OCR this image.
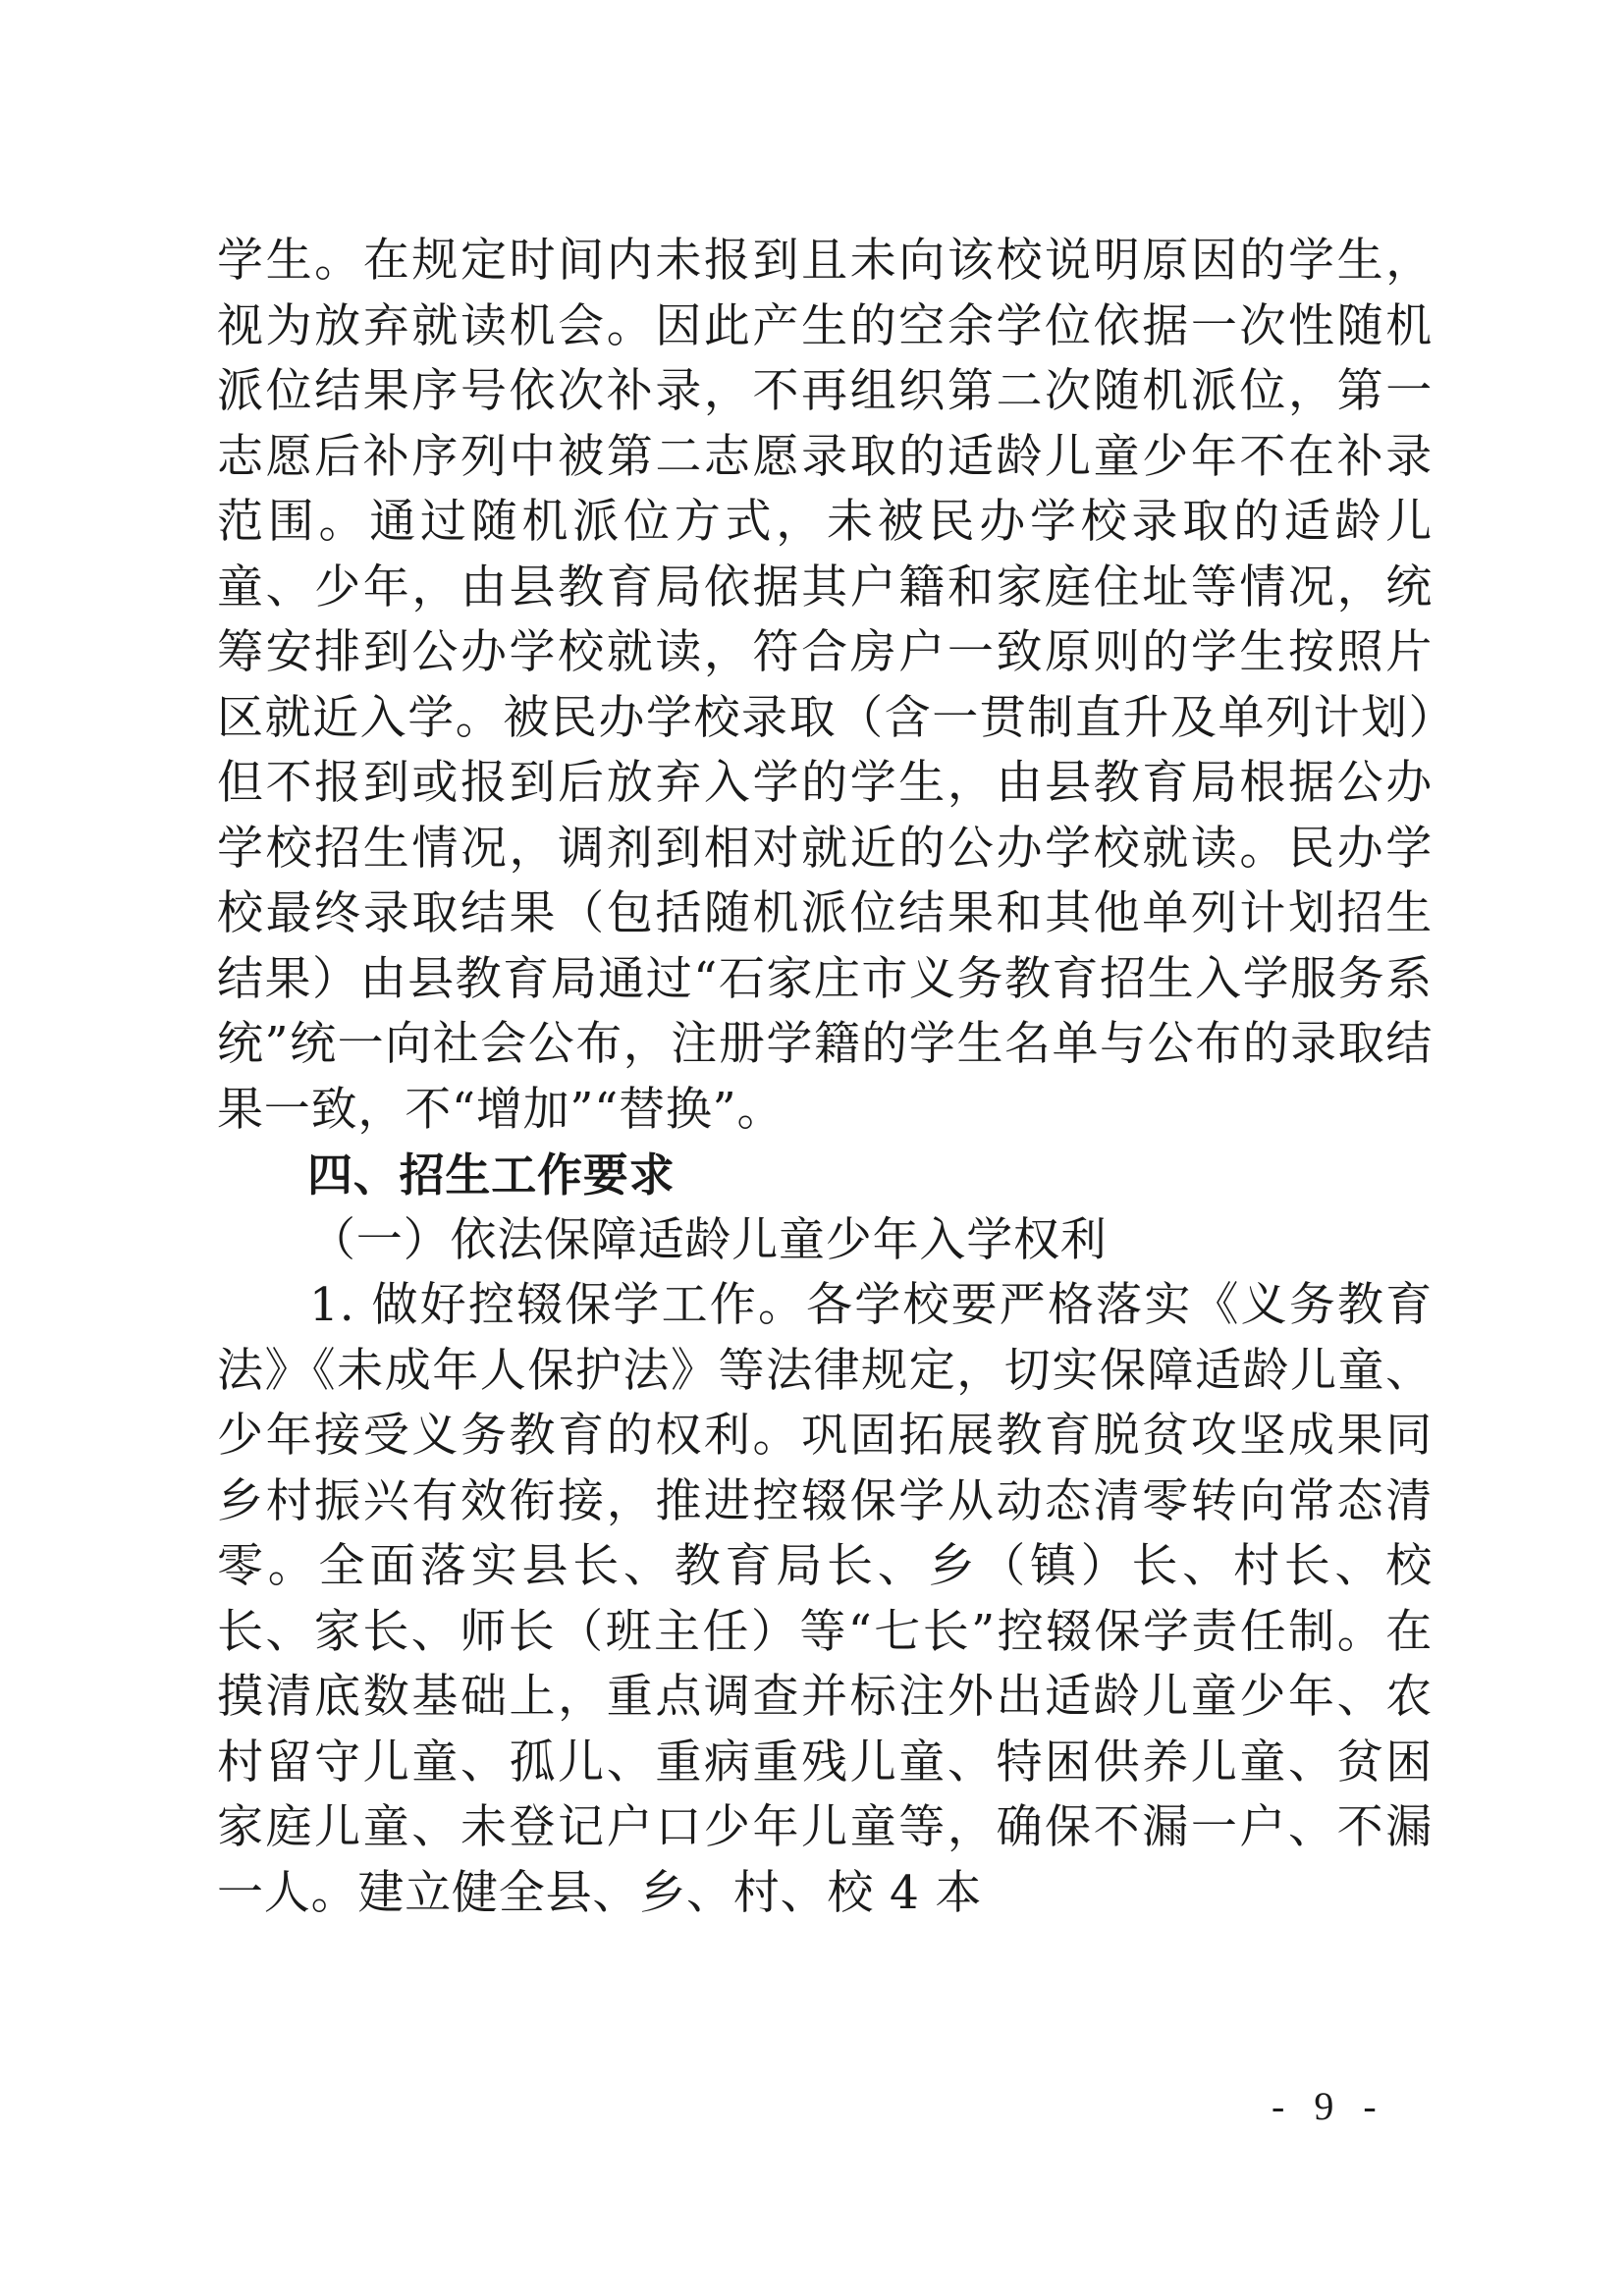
学生。在规定时间内未报到且未向该校说明原因的学生，视为放弃就读机会。因此产生的空余学位依据一次性随机派位结果序号依次补录，不再组织第二次随机派位，第一志愿后补序列中被第二志愿录取的适龄儿童少年不在补录范围。通过随机派位方式，未被民办学校录取的适龄儿童、少年，由县教育局依据其户籍和家庭住址等情况，统筹安排到公办学校就读，符合房户一致原则的学生按照片区就近入学。被民办学校录取（含一贯制直升及单列计划）但不报到或报到后放弃入学的学生，由县教育局根据公办学校招生情况，调剂到相对就近的公办学校就读。民办学校最终录取结果（包括随机派位结果和其他单列计划招生结果）由县教育局通过“石家庄市义务教育招生入学服务系统”统一向社会公布，注册学籍的学生名单与公布的录取结果一致，不“增加”“替换”。

四、招生工作要求

（一）依法保障适龄儿童少年入学权利

1. 做好控辍保学工作。各学校要严格落实《义务教育法》《未成年人保护法》等法律规定，切实保障适龄儿童、少年接受义务教育的权利。巩固拓展教育脱贫攻坚成果同乡村振兴有效衔接，推进控辍保学从动态清零转向常态清零。全面落实县长、教育局长、乡（镇）长、村长、校长、家长、师长（班主任）等“七长”控辍保学责任制。在摸清底数基础上，重点调查并标注外出适龄儿童少年、农村留守儿童、孤儿、重病重残儿童、特困供养儿童、贫困家庭儿童、未登记户口少年儿童等，确保不漏一户、不漏一人。建立健全县、乡、村、校 4 本

- 9 -
